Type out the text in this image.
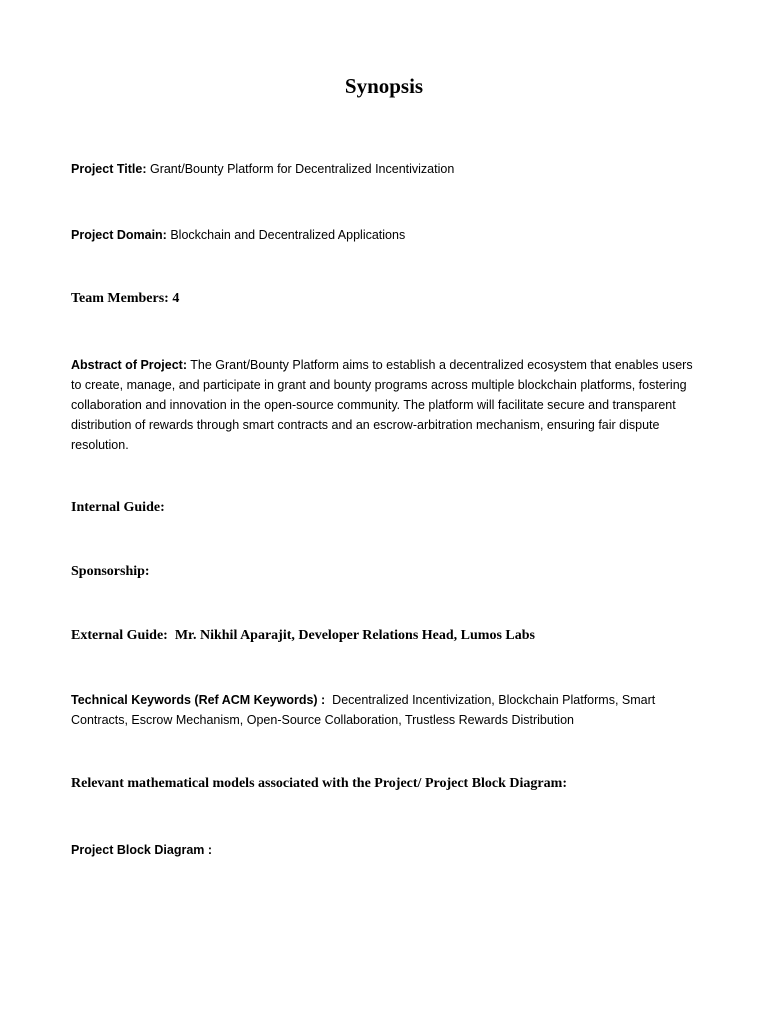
Synopsis
Project Title: Grant/Bounty Platform for Decentralized Incentivization
Project Domain: Blockchain and Decentralized Applications
Team Members: 4
Abstract of Project: The Grant/Bounty Platform aims to establish a decentralized ecosystem that enables users to create, manage, and participate in grant and bounty programs across multiple blockchain platforms, fostering collaboration and innovation in the open-source community. The platform will facilitate secure and transparent distribution of rewards through smart contracts and an escrow-arbitration mechanism, ensuring fair dispute resolution.
Internal Guide:
Sponsorship:
External Guide: Mr. Nikhil Aparajit, Developer Relations Head, Lumos Labs
Technical Keywords (Ref ACM Keywords) : Decentralized Incentivization, Blockchain Platforms, Smart Contracts, Escrow Mechanism, Open-Source Collaboration, Trustless Rewards Distribution
Relevant mathematical models associated with the Project/ Project Block Diagram:
Project Block Diagram :
